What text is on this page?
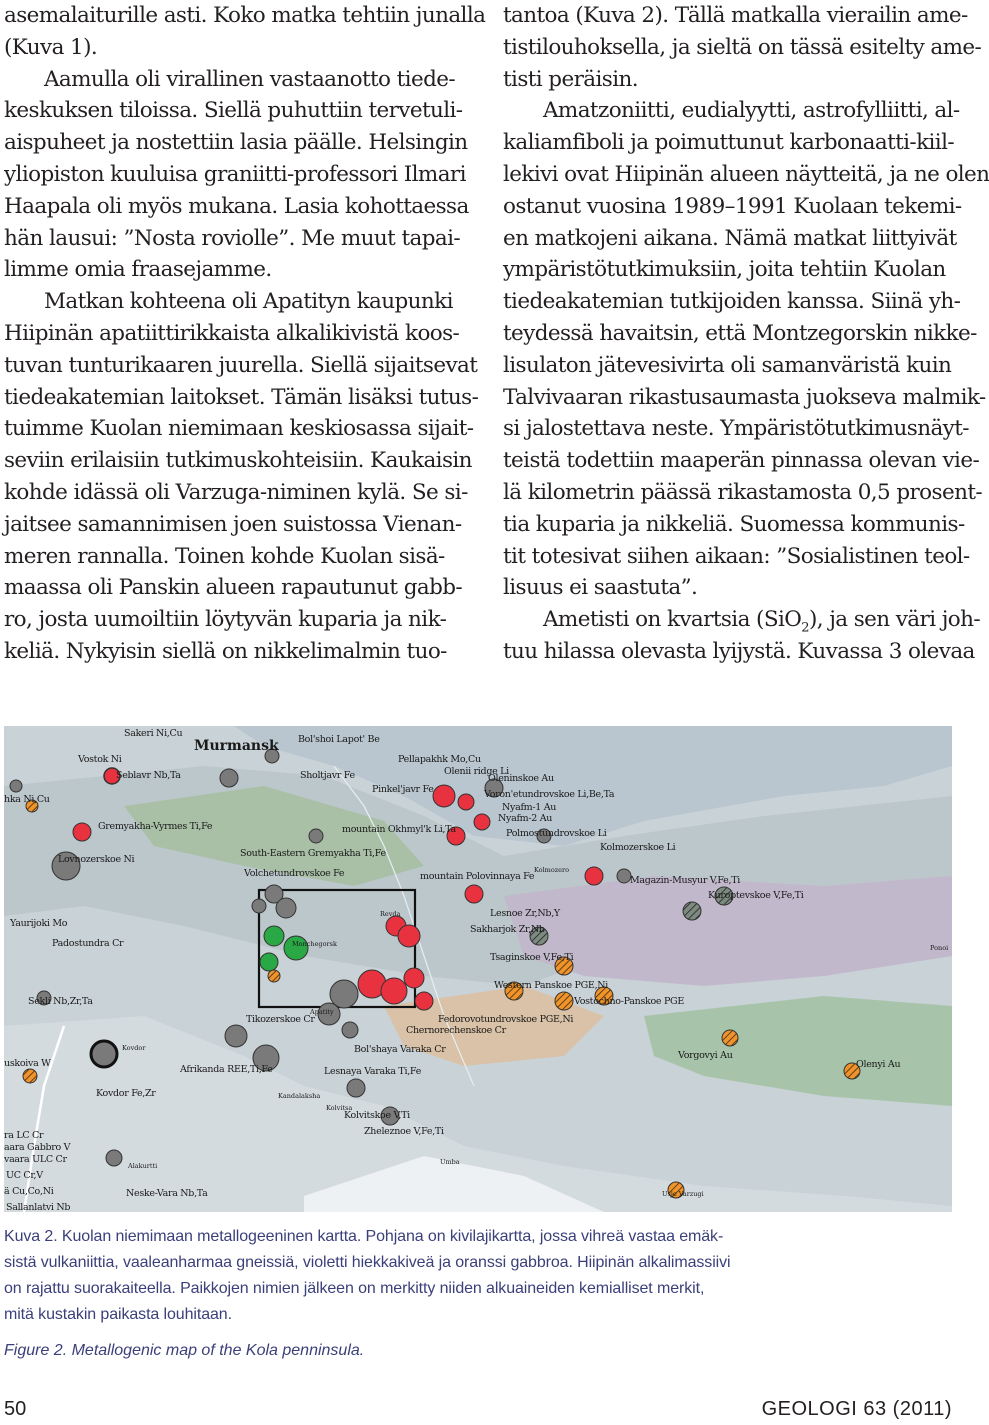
asemalaiturille asti. Koko matka tehtiin junalla
(Kuva 1).

Aamulla oli virallinen vastaanotto tiede-
keskuksen tiloissa. Siellä puhuttiin tervetuli-
aispuheet ja nostettiin lasia päälle. Helsingin
yliopiston kuuluisa graniitti-professori Ilmari
Haapala oli myös mukana. Lasia kohottaessa
hän lausui: ”Nosta roviolle”. Me muut tapai-
limme omia fraasejamme.

Matkan kohteena oli Apatityn kaupunki
Hiipinän apatiittirikkaista alkalikivistä koos-
tuvan tunturikaaren juurella. Siellä sijaitsevat
tiedeakatemian laitokset. Tämän lisäksi tutus-
tuimme Kuolan niemimaan keskiosassa sijait-
seviin erilaisiin tutkimuskohteisiin. Kaukaisin
kohde idässä oli Varzuga-niminen kylä. Se si-
jaitsee samannimisen joen suistossa Vienan-
meren rannalla. Toinen kohde Kuolan sisä-
maassa oli Panskin alueen rapautunut gabb-
ro, josta uumoiltiin löytyvän kuparia ja nik-
keliä. Nykyisin siellä on nikkelimalmin tuo-

tantoa (Kuva 2). Tällä matkalla vierailin ame-
tistilouhoksella, ja sieltä on tässä esitelty ame-
tisti peräisin.

Amatzoniitti, eudialyytti, astrofylliitti, al-
kaliamfiboli ja poimuttunut karbonaatti-kiil-
lekivi ovat Hiipinän alueen näytteitä, ja ne olen
ostanut vuosina 1989–1991 Kuolaan tekemi-
en matkojeni aikana. Nämä matkat liittyivät
ympäristötutkimuksiin, joita tehtiin Kuolan
tiedeakatemian tutkijoiden kanssa. Siinä yh-
teydessä havaitsin, että Montzegorskin nikke-
lisulaton jätevesivirta oli samanväristä kuin
Talvivaaran rikastusaumasta juokseva malmik-
si jalostettava neste. Ympäristötutkimusnäyt-
teistä todettiin maaperän pinnassa olevan vie-
lä kilometrin päässä rikastamosta 0,5 prosent-
tia kuparia ja nikkeliä. Suomessa kommunis-
tit totesivat siihen aikaan: ”Sosialistinen teol-
lisuus ei saastuta”.

Ametisti on kvartsia (SiO$_2$), ja sen väri joh-
tuu hilassa olevasta lyijystä. Kuvassa 3 olevaa

Murmansk
Sakeri Ni,Cu
Bol'shoi Lapot' Be
Vostok Ni	Pellapakhk Mo,Cu
Olenii ridge Li
Seblavr Nb,Ta	Sholtjavr Fe	Oleninskoe Au
hka Ni,Cu
Pinkel'javr Fe	Voron'etundrovskoe Li,Be,Ta
Nyafm-1 Au
Nyafm-2 Au
Gremyakha-Vyrmes Ti,Fe	mountain Okhmyl'k Li,Ta	Polmostundrovskoe Li
South-Eastern Gremyakha Ti,Fe
Kolmozerskoe Li
Lovnozerskoe Ni
Volchetundrovskoe Fe	mountain Polovinnaya Fe
Kolmozero
Magazin-Musyur V,Fe,Ti
Kuroptevskoe V,Fe,Ti
Revda	Lesnoe Zr,Nb,Y
Yaurijoki Mo
Sakharjok Zr,Nb
Monchegorsk
Padostundra Cr
Tsaginskoe V,Fe,Ti
Ponoi
Western Panskoe PGE,Ni
Sekli Nb,Zr,Ta	Vostochno-Panskoe PGE
Apatity
Tikozerskoe Cr	Fedorovotundrovskoe PGE,Ni
Chernorechenskoe Cr
Kovdor	Bol'shaya Varaka Cr
uskoiva W
Vorgovyi Au
Afrikanda REE,Ti,Fe	Lesnaya Varaka Ti,Fe
Olenyi Au
Kovdor Fe,Zr	Kandalaksha
Kolvitsa
Kolvitskoe V,Ti
Zheleznoe V,Fe,Ti
ra LC Cr
aara Gabbro V
vaara ULC Cr	Umba
UC Cr,V
Alakurtti
ä Cu,Co,Ni	Neske-Vara Nb,Ta	Usje Varzugi
Sallanlatvi Nb
Kuva 2. Kuolan niemimaan metallogeeninen kartta. Pohjana on kivilajikartta, jossa vihreä vastaa emäk-
sistä vulkaniittia, vaaleanharmaa gneissiä, violetti hiekkakiveä ja oranssi gabbroa. Hiipinän alkalimassiivi
on rajattu suorakaiteella. Paikkojen nimien jälkeen on merkitty niiden alkuaineiden kemialliset merkit,
mitä kustakin paikasta louhitaan.
Figure 2. Metallogenic map of the Kola penninsula.
50	GEOLOGI 63 (2011)
